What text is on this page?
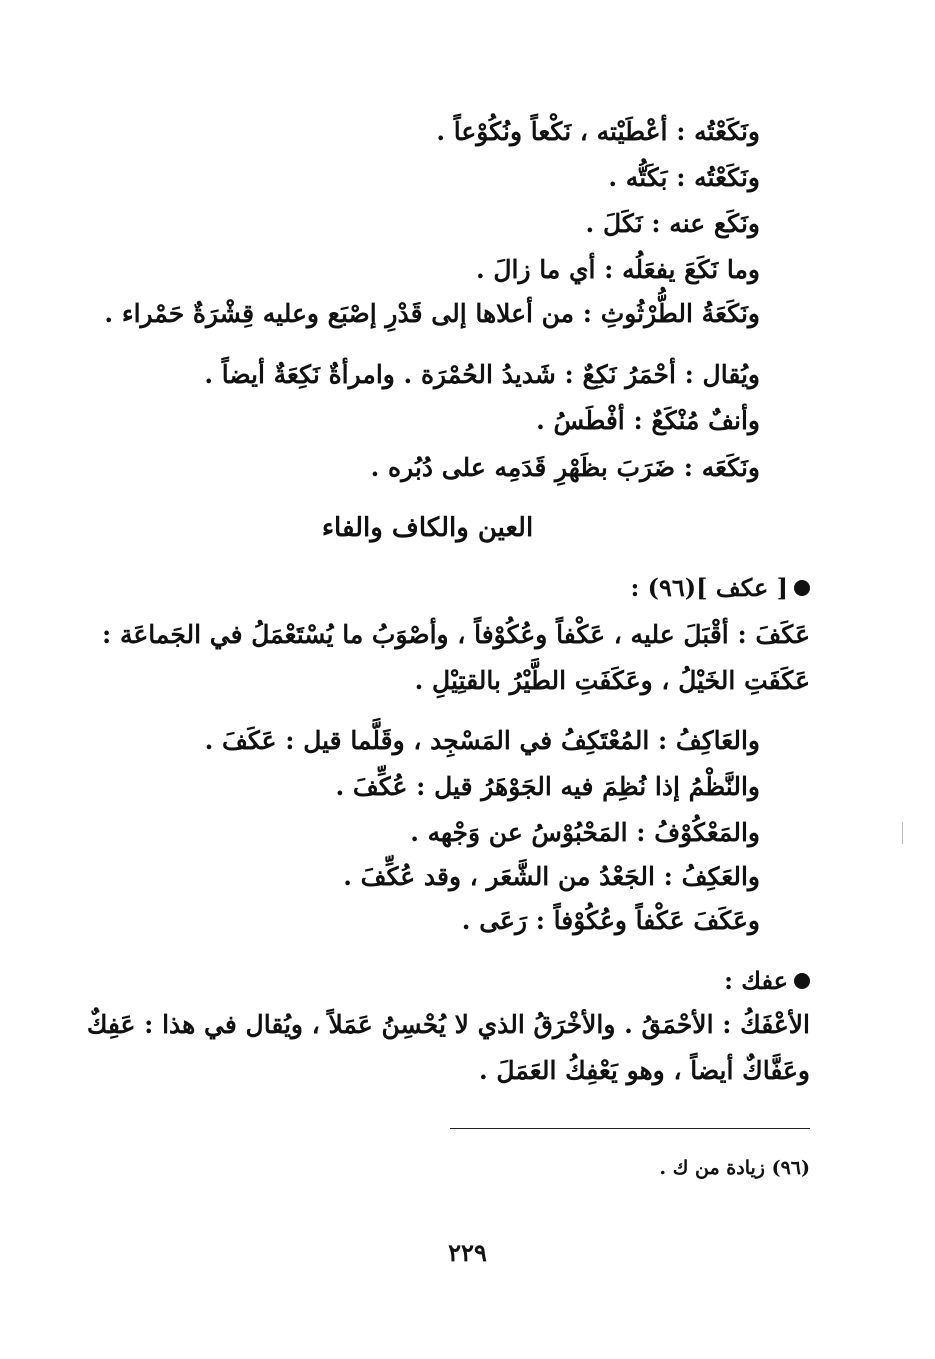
ونَكَعْتُه : أعْطَيْته ، نَكْعاً ونُكُوْعاً .
ونَكَعْتُه : بَكَتُّه .
ونَكَع عنه : نَكَلَ .
وما نَكَعَ يفعَلُه : أي ما زالَ .
ونَكَعَةُ الطُّرْثُوثِ : من أعلاها إلى قَدْرِ إصْبَع وعليه قِشْرَةٌ حَمْراء .
ويُقال : أحْمَرُ نَكِعٌ : شَديدُ الحُمْرَة . وامرأةٌ نَكِعَةٌ أيضاً .
وأنفٌ مُنْكَعٌ : أفْطَسُ .
ونَكَعَه : ضَرَبَ بظَهْرِ قَدَمِه على دُبُره .
العين والكاف والفاء
[ عكف ](٩٦) :
عَكَفَ : أقْبَلَ عليه ، عَكْفاً وعُكُوْفاً ، وأصْوَبُ ما يُسْتَعْمَلُ في الجَماعَة :
عَكَفَتِ الخَيْلُ ، وعَكَفَتِ الطَّيْرُ بالقتِيْلِ .
والعَاكِفُ : المُعْتَكِفُ في المَسْجِد ، وقَلَّما قيل : عَكَفَ .
والنَّظْمُ إذا نُظِمَ فيه الجَوْهَرُ قيل : عُكِّفَ .
والمَعْكُوْفُ : المَحْبُوْسُ عن وَجْهه .
والعَكِفُ : الجَعْدُ من الشَّعَر ، وقد عُكِّفَ .
وعَكَفَ عَكْفاً وعُكُوْفاً : رَعَى .
عفك :
الأعْفَكُ : الأحْمَقُ . والأخْرَقُ الذي لا يُحْسِنُ عَمَلاً ، ويُقال في هذا : عَفِكٌ
وعَفَّاكٌ أيضاً ، وهو يَعْفِكُ العَمَلَ .
(٩٦) زيادة من ك .
٢٢٩
